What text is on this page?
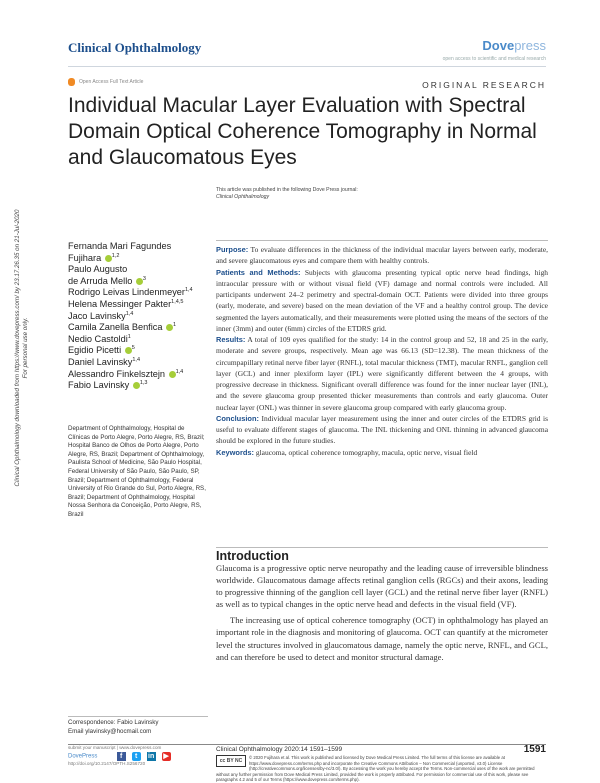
Clinical Ophthalmology	Dovepress
open access to scientific and medical research
Open Access Full Text Article	ORIGINAL RESEARCH
Individual Macular Layer Evaluation with Spectral Domain Optical Coherence Tomography in Normal and Glaucomatous Eyes
This article was published in the following Dove Press journal:
Clinical Ophthalmology
Clinical Ophthalmology downloaded from https://www.dovepress.com/ by 23.17.26.35 on 21-Jul-2020 For personal use only.
Fernanda Mari Fagundes
Fujihara $^{1,2}$
Paulo Augusto
de Arruda Mello $^3$
Rodrigo Leivas Lindenmeyer$^{1,4}$
Helena Messinger Pakter$^{1,4,5}$
Jaco Lavinsky$^{1,4}$
Camila Zanella Benfica $^1$
Nedio Castoldi$^1$
Egidio Picetti $^5$
Daniel Lavinsky$^{1,4}$
Alessandro Finkelsztejn $^{1,4}$
Fabio Lavinsky $^{1,3}$
Department of Ophthalmology, Hospital de Clínicas de Porto Alegre, Porto Alegre, RS, Brazil; Hospital Banco de Olhos de Porto Alegre, Porto Alegre, RS, Brazil; Department of Ophthalmology, Paulista School of Medicine, São Paulo Hospital, Federal University of São Paulo, São Paulo, SP, Brazil; Department of Ophthalmology, Federal University of Rio Grande do Sul, Porto Alegre, RS, Brazil; Department of Ophthalmology, Hospital Nossa Senhora da Conceição, Porto Alegre, RS, Brazil
Correspondence: Fabio Lavinsky
Email ylavinsky@hocmail.com

Purpose: To evaluate differences in the thickness of the individual macular layers between early, moderate, and severe glaucomatous eyes and compare them with healthy controls.

Patients and Methods: Subjects with glaucoma presenting typical optic nerve head findings, high intraocular pressure with or without visual field (VF) damage and normal controls were included. All participants underwent 24–2 perimetry and spectral-domain OCT. Patients were divided into three groups (early, moderate, and severe) based on the mean deviation of the VF and a healthy control group. The device segmented the layers automatically, and their measurements were plotted using the means of the sectors of the inner (3mm) and outer (6mm) circles of the ETDRS grid.

Results: A total of 109 eyes qualified for the study: 14 in the control group and 52, 18 and 25 in the early, moderate and severe groups, respectively. Mean age was 66.13 (SD=12.38). The mean thickness of the circumpapillary retinal nerve fiber layer (RNFL), total macular thickness (TMT), macular RNFL, ganglion cell layer (GCL) and inner plexiform layer (IPL) were significantly different between the 4 groups, with progressive decrease in thickness. Significant overall difference was found for the inner nuclear layer (INL), and the severe glaucoma group presented thicker measurements than controls and early glaucoma. Outer nuclear layer (ONL) was thinner in severe glaucoma group compared with early glaucoma group.

Conclusion: Individual macular layer measurement using the inner and outer circles of the ETDRS grid is useful to evaluate different stages of glaucoma. The INL thickening and ONL thinning in advanced glaucoma should be explored in the future studies.

Keywords: glaucoma, optical coherence tomography, macula, optic nerve, visual field

Introduction

Glaucoma is a progressive optic nerve neuropathy and the leading cause of irreversible blindness worldwide. Glaucomatous damage affects retinal ganglion cells (RGCs) and their axons, leading to progressive thinning of the ganglion cell layer (GCL) and the retinal nerve fiber layer (RNFL) as well as to typical changes in the optic nerve head and defects in the visual field (VF).

The increasing use of optical coherence tomography (OCT) in ophthalmology has played an important role in the diagnosis and monitoring of glaucoma. OCT can quantify at the micrometer level the structures involved in glaucomatous damage, namely the optic nerve, RNFL, and GCL, and can therefore be used to detect and monitor structural damage.

submit your manuscript | www.dovepress.com
DovePress	f	t	in ▶
http://doi.org/10.2147/OPTH.S256720
Clinical Ophthalmology 2020:14 1591–1599	1591
cc BY NC
© 2020 Fujihara et al. This work is published and licensed by Dove Medical Press Limited. The full terms of this license are available at https://www.dovepress.com/terms.php and incorporate the Creative Commons Attribution – Non Commercial (unported, v3.0) License (http://creativecommons.org/licenses/by-nc/3.0/). By accessing the work you hereby accept the Terms. Non-commercial uses of the work are permitted without any further permission from Dove Medical Press Limited, provided the work is properly attributed. For permission for commercial use of this work, please see paragraphs 4.2 and 5 of our Terms (https://www.dovepress.com/terms.php).
